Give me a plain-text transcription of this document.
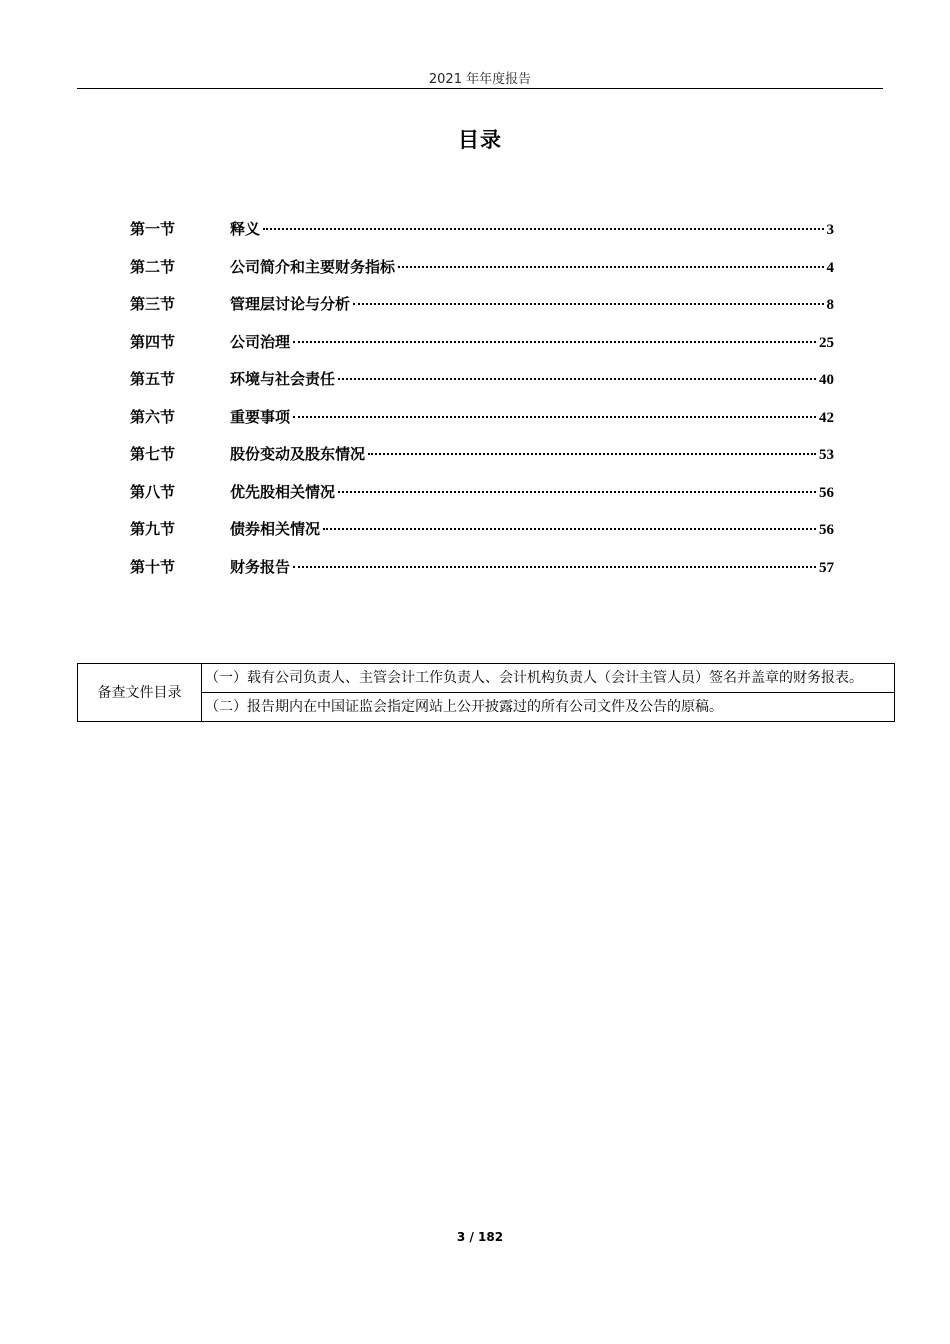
2021 年年度报告
目录
第一节	释义	3
第二节	公司简介和主要财务指标	4
第三节	管理层讨论与分析	8
第四节	公司治理	25
第五节	环境与社会责任	40
第六节	重要事项	42
第七节	股份变动及股东情况	53
第八节	优先股相关情况	56
第九节	债券相关情况	56
第十节	财务报告	57
备查文件目录	（一）载有公司负责人、主管会计工作负责人、会计机构负责人（会计主管人员）签名并盖章的财务报表。
（二）报告期内在中国证监会指定网站上公开披露过的所有公司文件及公告的原稿。
3 / 182
